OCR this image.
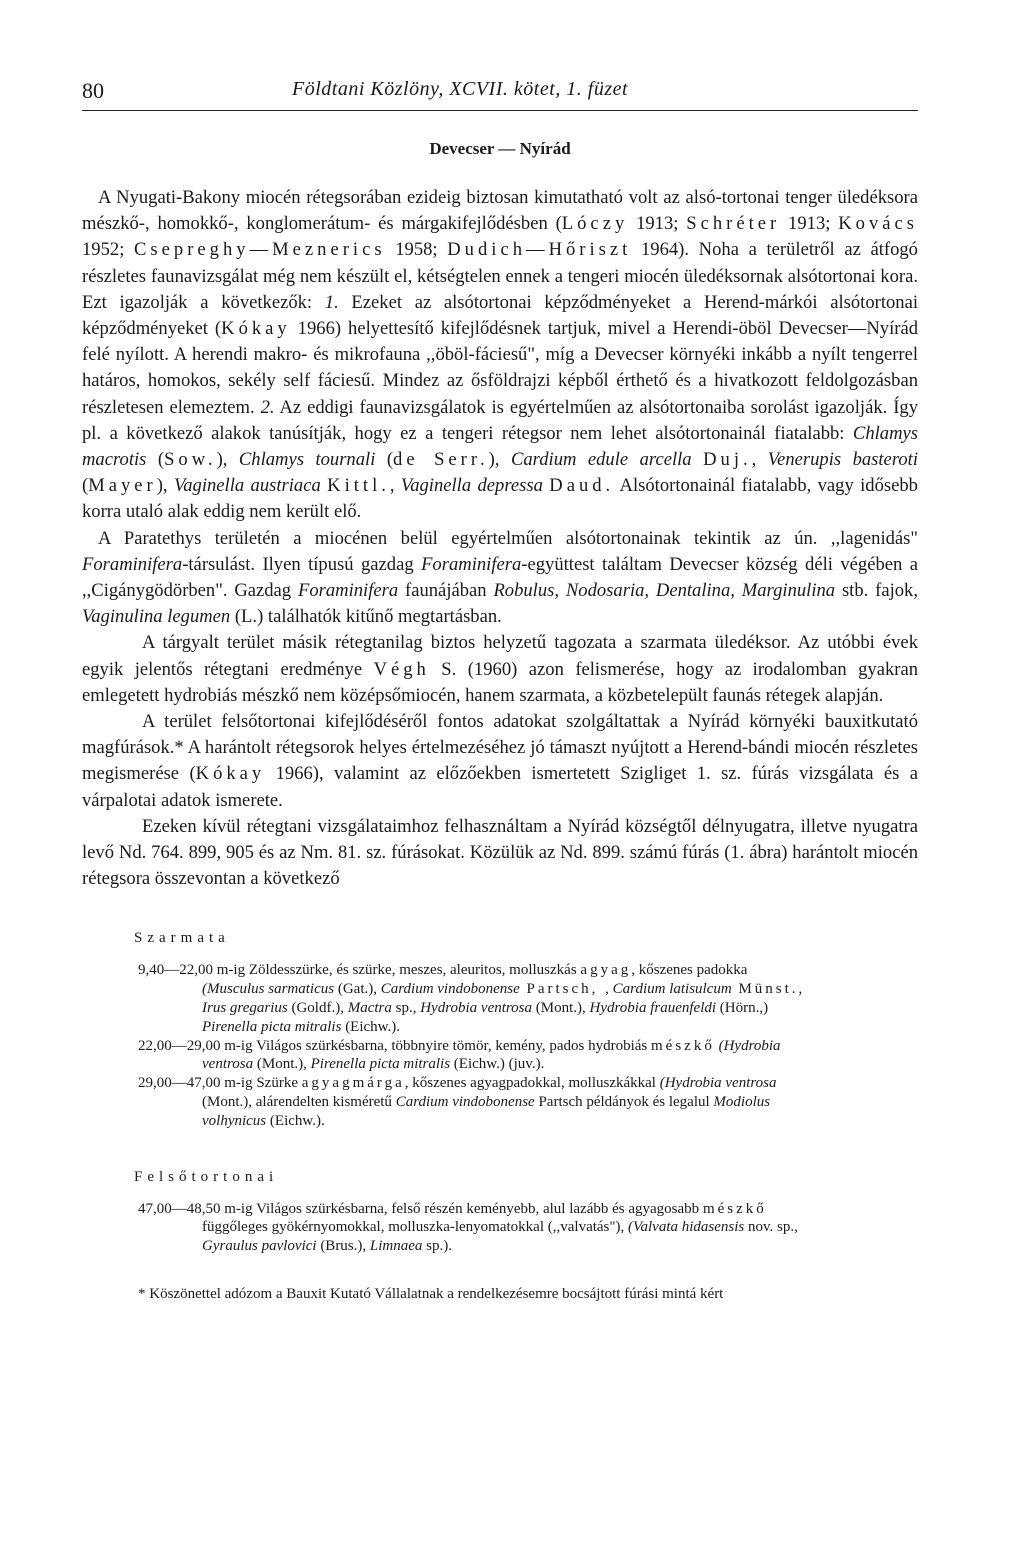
80	Földtani Közlöny, XCVII. kötet, 1. füzet
Devecser — Nyírád

A Nyugati-Bakony miocén rétegsorában ezideig biztosan kimutatható volt az alsó-tortonai tenger üledéksora mészkő-, homokkő-, konglomerátum- és márgakifejlődésben (Lóczy 1913; Schréter 1913; Kovács 1952; Csepreghy—Meznerics 1958; Dudich—Hőriszt 1964). Noha a területről az átfogó részletes faunavizsgálat még nem készült el, kétségtelen ennek a tengeri miocén üledéksornak alsótortonai kora. Ezt igazolják a következők: 1. Ezeket az alsótortonai képződményeket a Herend-márkói alsótortonai képződményeket (Kókay 1966) helyettesítő kifejlődésnek tartjuk, mivel a Herendi-öböl Devecser—Nyírád felé nyílott. A herendi makro- és mikrofauna ,,öböl-fáciesű", míg a Devecser környéki inkább a nyílt tengerrel határos, homokos, sekély self fáciesű. Mindez az ősföldrajzi képből érthető és a hivatkozott feldolgozásban részletesen elemeztem. 2. Az eddigi faunavizsgálatok is egyértelműen az alsótortonaiba sorolást igazolják. Így pl. a következő alakok tanúsítják, hogy ez a tengeri rétegsor nem lehet alsótortonainál fiatalabb: Chlamys macrotis (Sow.), Chlamys tournali (de Serr.), Cardium edule arcella Duj., Venerupis basteroti (Mayer), Vaginella austriaca Kittl., Vaginella depressa Daud. Alsótortonainál fiatalabb, vagy idősebb korra utaló alak eddig nem került elő.

A Paratethys területén a miocénen belül egyértelműen alsótortonainak tekintik az ún. ,,lagenidás" Foraminifera-társulást. Ilyen típusú gazdag Foraminifera-együttest találtam Devecser község déli végében a ,,Cigánygödörben". Gazdag Foraminifera faunájában Robulus, Nodosaria, Dentalina, Marginulina stb. fajok, Vaginulina legumen (L.) találhatók kitűnő megtartásban.

A tárgyalt terület másik rétegtanilag biztos helyzetű tagozata a szarmata üledéksor. Az utóbbi évek egyik jelentős rétegtani eredménye Végh S. (1960) azon felismerése, hogy az irodalomban gyakran emlegetett hydrobiás mészkő nem középsőmiocén, hanem szarmata, a közbetelepült faunás rétegek alapján.

A terület felsőtortonai kifejlődéséről fontos adatokat szolgáltattak a Nyírád környéki bauxitkutató magfúrások.* A harántolt rétegsorok helyes értelmezéséhez jó támaszt nyújtott a Herend-bándi miocén részletes megismerése (Kókay 1966), valamint az előzőekben ismertetett Szigliget 1. sz. fúrás vizsgálata és a várpalotai adatok ismerete.

Ezeken kívül rétegtani vizsgálataimhoz felhasználtam a Nyírád községtől délnyugatra, illetve nyugatra levő Nd. 764. 899, 905 és az Nm. 81. sz. fúrásokat. Közülük az Nd. 899. számú fúrás (1. ábra) harántolt miocén rétegsora összevontan a következő

Szarmata
9,40—22,00 m-ig Zöldesszürke, és szürke, meszes, aleuritos, molluszkás agyag, kőszenes padokka
(Musculus sarmaticus (Gat.), Cardium vindobonense Partsch, , Cardium latisulcum Münst.,
Irus gregarius (Goldf.), Mactra sp., Hydrobia ventrosa (Mont.), Hydrobia frauenfeldi (Hörn.,)
Pirenella picta mitralis (Eichw.).
22,00—29,00 m-ig Világos szürkésbarna, többnyire tömör, kemény, pados hydrobiás mészkő (Hydrobia
ventrosa (Mont.), Pirenella picta mitralis (Eichw.) (juv.).
29,00—47,00 m-ig Szürke agyagmárga, kőszenes agyagpadokkal, molluszkákkal (Hydrobia ventrosa
(Mont.), alárendelten kisméretű Cardium vindobonense Partsch példányok és legalul Modiolus
volhynicus (Eichw.).
Felsőtortonai
47,00—48,50 m-ig Világos szürkésbarna, felső részén keményebb, alul lazább és agyagosabb mészkő
függőleges gyökérnyomokkal, molluszka-lenyomatokkal (,,valvatás"), (Valvata hidasensis nov. sp.,
Gyraulus pavlovici (Brus.), Limnaea sp.).
* Köszönettel adózom a Bauxit Kutató Vállalatnak a rendelkezésemre bocsájtott fúrási mintá kért
